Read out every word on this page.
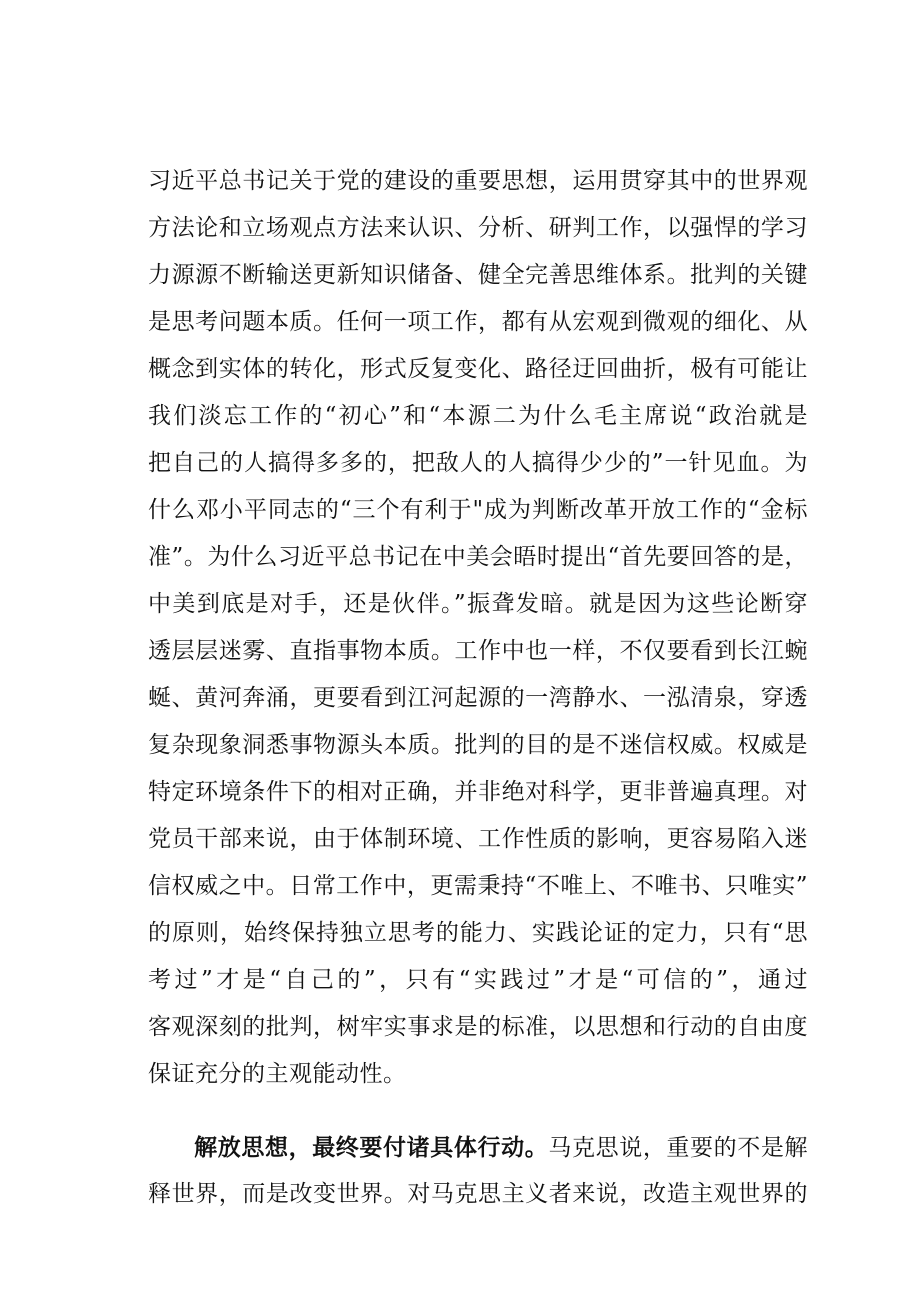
习近平总书记关于党的建设的重要思想，运用贯穿其中的世界观
方法论和立场观点方法来认识、分析、研判工作，以强悍的学习
力源源不断输送更新知识储备、健全完善思维体系。批判的关键
是思考问题本质。任何一项工作，都有从宏观到微观的细化、从
概念到实体的转化，形式反复变化、路径迂回曲折，极有可能让
我们淡忘工作的“初心”和“本源二为什么毛主席说“政治就是
把自己的人搞得多多的，把敌人的人搞得少少的”一针见血。为
什么邓小平同志的“三个有利于"成为判断改革开放工作的“金标
准”。为什么习近平总书记在中美会晤时提出“首先要回答的是，
中美到底是对手，还是伙伴。”振聋发暗。就是因为这些论断穿
透层层迷雾、直指事物本质。工作中也一样，不仅要看到长江蜿
蜒、黄河奔涌，更要看到江河起源的一湾静水、一泓清泉，穿透
复杂现象洞悉事物源头本质。批判的目的是不迷信权威。权威是
特定环境条件下的相对正确，并非绝对科学，更非普遍真理。对
党员干部来说，由于体制环境、工作性质的影响，更容易陷入迷
信权威之中。日常工作中，更需秉持“不唯上、不唯书、只唯实”
的原则，始终保持独立思考的能力、实践论证的定力，只有“思
考过”才是“自己的”，只有“实践过”才是“可信的”，通过
客观深刻的批判，树牢实事求是的标准，以思想和行动的自由度
保证充分的主观能动性。
解放思想，最终要付诸具体行动。马克思说，重要的不是解
释世界，而是改变世界。对马克思主义者来说，改造主观世界的
